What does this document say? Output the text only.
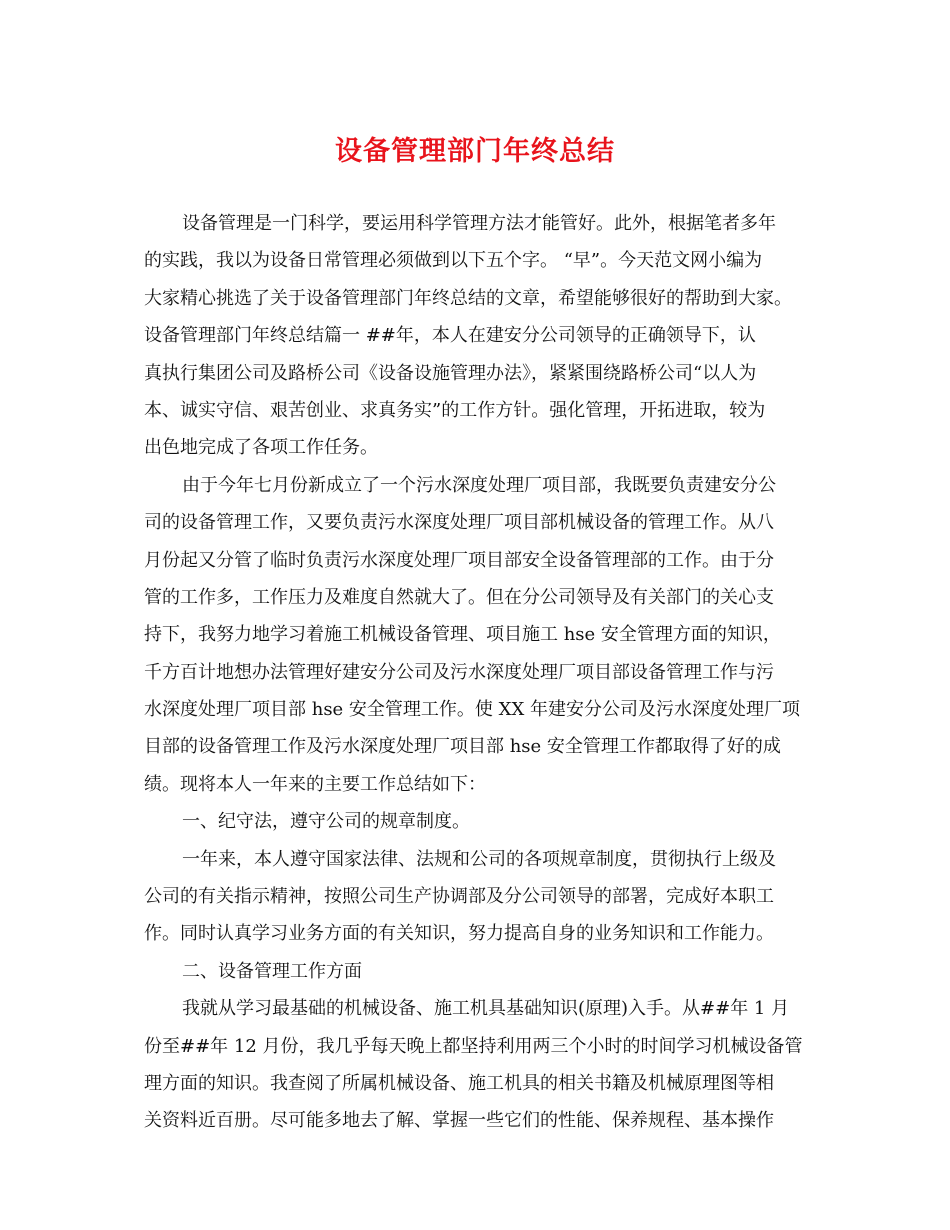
设备管理部门年终总结
设备管理是一门科学，要运用科学管理方法才能管好。此外，根据笔者多年
的实践，我以为设备日常管理必须做到以下五个字。 “早”。今天范文网小编为
大家精心挑选了关于设备管理部门年终总结的文章，希望能够很好的帮助到大家。
设备管理部门年终总结篇一 ##年，本人在建安分公司领导的正确领导下，认
真执行集团公司及路桥公司《设备设施管理办法》，紧紧围绕路桥公司“以人为
本、诚实守信、艰苦创业、求真务实”的工作方针。强化管理，开拓进取，较为
出色地完成了各项工作任务。
由于今年七月份新成立了一个污水深度处理厂项目部，我既要负责建安分公
司的设备管理工作，又要负责污水深度处理厂项目部机械设备的管理工作。从八
月份起又分管了临时负责污水深度处理厂项目部安全设备管理部的工作。由于分
管的工作多，工作压力及难度自然就大了。但在分公司领导及有关部门的关心支
持下，我努力地学习着施工机械设备管理、项目施工 hse 安全管理方面的知识，
千方百计地想办法管理好建安分公司及污水深度处理厂项目部设备管理工作与污
水深度处理厂项目部 hse 安全管理工作。使 XX 年建安分公司及污水深度处理厂项
目部的设备管理工作及污水深度处理厂项目部 hse 安全管理工作都取得了好的成
绩。现将本人一年来的主要工作总结如下：
一、纪守法，遵守公司的规章制度。
一年来，本人遵守国家法律、法规和公司的各项规章制度，贯彻执行上级及
公司的有关指示精神，按照公司生产协调部及分公司领导的部署，完成好本职工
作。同时认真学习业务方面的有关知识，努力提高自身的业务知识和工作能力。
二、设备管理工作方面
我就从学习最基础的机械设备、施工机具基础知识(原理)入手。从##年 1 月
份至##年 12 月份，我几乎每天晚上都坚持利用两三个小时的时间学习机械设备管
理方面的知识。我查阅了所属机械设备、施工机具的相关书籍及机械原理图等相
关资料近百册。尽可能多地去了解、掌握一些它们的性能、保养规程、基本操作
